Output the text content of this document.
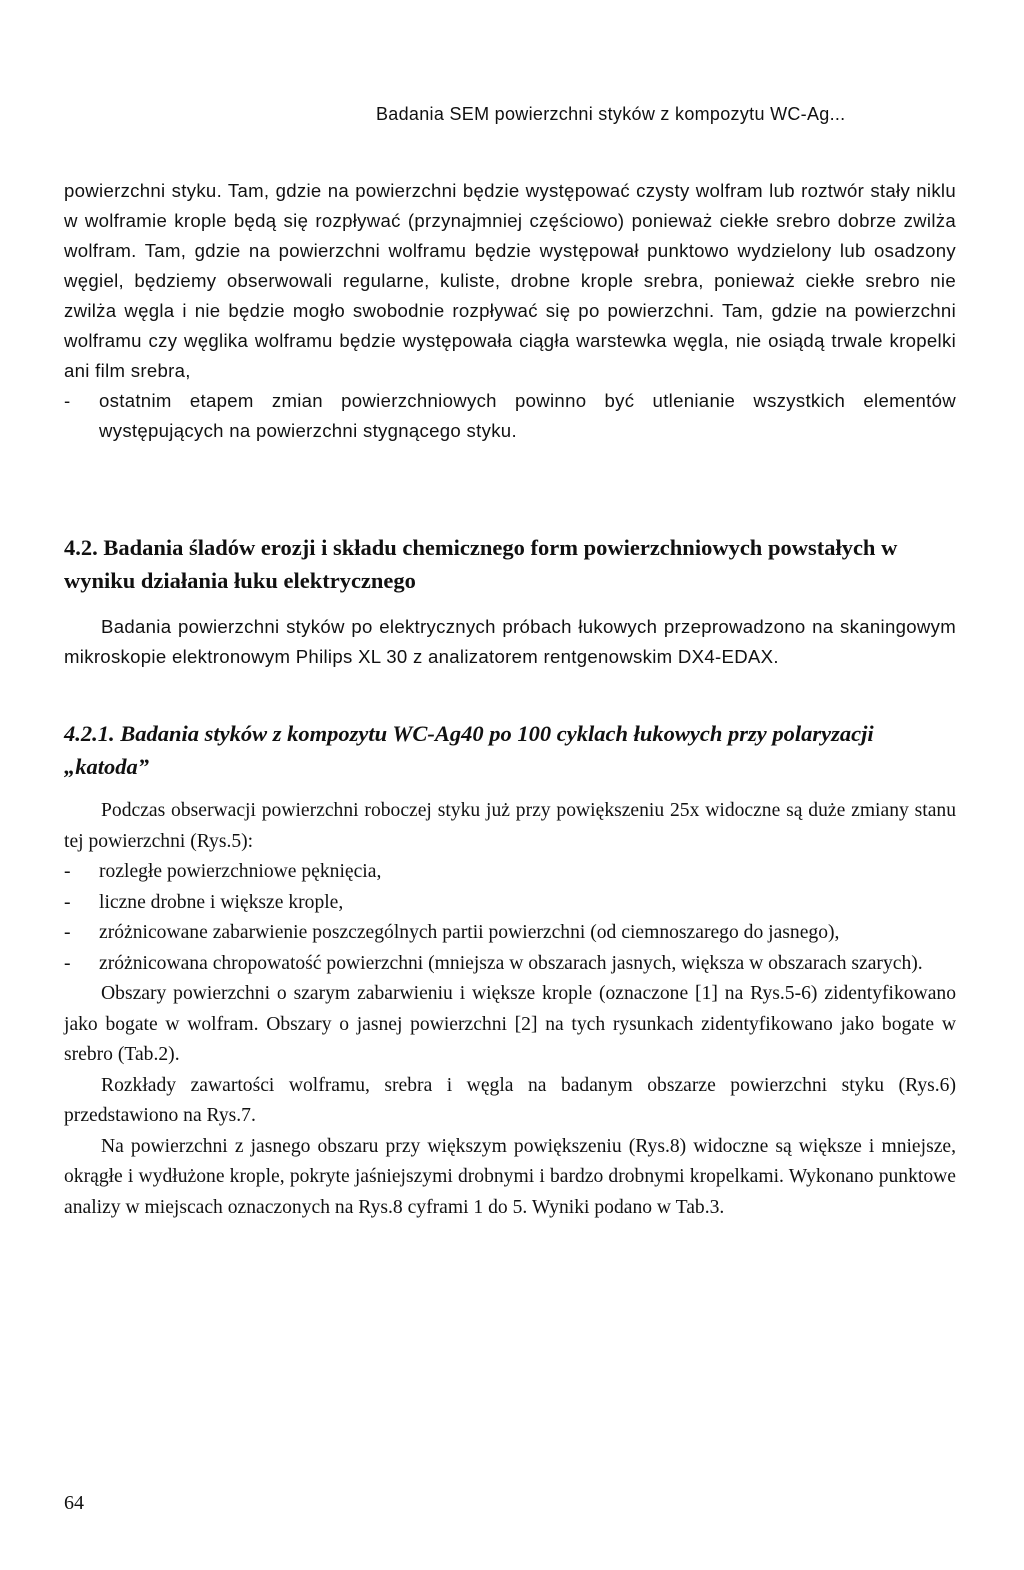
Badania SEM powierzchni styków z kompozytu WC-Ag...

powierzchni styku. Tam, gdzie na powierzchni będzie występować czysty wolfram lub roztwór stały niklu w wolframie krople będą się rozpływać (przynajmniej częściowo) ponieważ ciekłe srebro dobrze zwilża wolfram. Tam, gdzie na powierzchni wolframu będzie występował punktowo wydzielony lub osadzony węgiel, będziemy obserwowali regularne, kuliste, drobne krople srebra, ponieważ ciekłe srebro nie zwilża węgla i nie będzie mogło swobodnie rozpływać się po powierzchni. Tam, gdzie na powierzchni wolframu czy węglika wolframu będzie występowała ciągła warstewka węgla, nie osiądą trwale kropelki ani film srebra,

-	ostatnim etapem zmian powierzchniowych powinno być utlenianie wszystkich elementów występujących na powierzchni stygnącego styku.
4.2. Badania śladów erozji i składu chemicznego form powierzchniowych powstałych w wyniku działania łuku elektrycznego

Badania powierzchni styków po elektrycznych próbach łukowych przeprowadzono na skaningowym mikroskopie elektronowym Philips XL 30 z analizatorem rentgenowskim DX4-EDAX.

4.2.1. Badania styków z kompozytu WC-Ag40 po 100 cyklach łukowych przy polaryzacji „katoda”

Podczas obserwacji powierzchni roboczej styku już przy powiększeniu 25x widoczne są duże zmiany stanu tej powierzchni (Rys.5):

-	rozległe powierzchniowe pęknięcia,
-	liczne drobne i większe krople,
-	zróżnicowane zabarwienie poszczególnych partii powierzchni (od ciemnoszarego do jasnego),
-	zróżnicowana chropowatość powierzchni (mniejsza w obszarach jasnych, większa w obszarach szarych).

Obszary powierzchni o szarym zabarwieniu i większe krople (oznaczone [1] na Rys.5-6) zidentyfikowano jako bogate w wolfram. Obszary o jasnej powierzchni [2] na tych rysunkach zidentyfikowano jako bogate w srebro (Tab.2).

Rozkłady zawartości wolframu, srebra i węgla na badanym obszarze powierzchni styku (Rys.6) przedstawiono na Rys.7.

Na powierzchni z jasnego obszaru przy większym powiększeniu (Rys.8) widoczne są większe i mniejsze, okrągłe i wydłużone krople, pokryte jaśniejszymi drobnymi i bardzo drobnymi kropelkami. Wykonano punktowe analizy w miejscach oznaczonych na Rys.8 cyframi 1 do 5. Wyniki podano w Tab.3.

64
